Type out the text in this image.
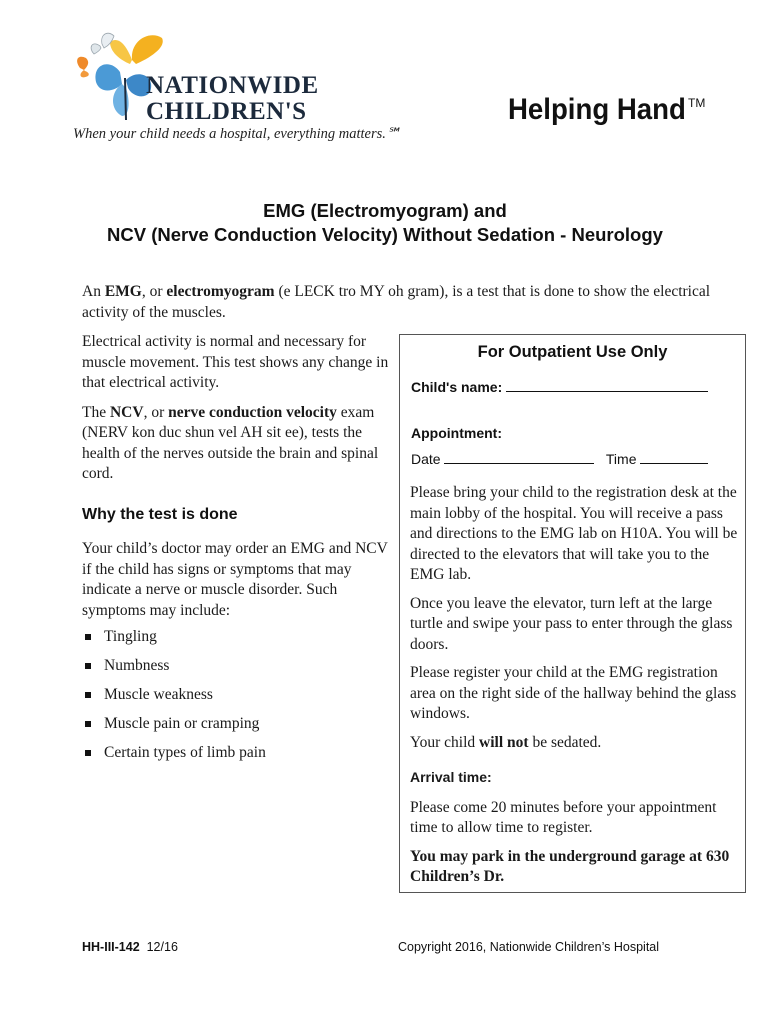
NATIONWIDE
CHILDREN'S
When your child needs a hospital, everything matters.℠
Helping Hand TM
EMG (Electromyogram) and
NCV (Nerve Conduction Velocity) Without Sedation - Neurology
An EMG, or electromyogram (e LECK tro MY oh gram), is a test that is done to show the electrical activity of the muscles.

Electrical activity is normal and necessary for muscle movement. This test shows any change in that electrical activity.

The NCV, or nerve conduction velocity exam (NERV kon duc shun vel AH sit ee), tests the health of the nerves outside the brain and spinal cord.

Why the test is done

Your child’s doctor may order an EMG and NCV if the child has signs or symptoms that may indicate a nerve or muscle disorder. Such symptoms may include:

Tingling
Numbness
Muscle weakness
Muscle pain or cramping
Certain types of limb pain
For Outpatient Use Only
Child's name:
Appointment:
Date	Time

Please bring your child to the registration desk at the main lobby of the hospital. You will receive a pass and directions to the EMG lab on H10A. You will be directed to the elevators that will take you to the EMG lab.

Once you leave the elevator, turn left at the large turtle and swipe your pass to enter through the glass doors.

Please register your child at the EMG registration area on the right side of the hallway behind the glass windows.

Your child will not be sedated.

Arrival time:

Please come 20 minutes before your appointment time to allow time to register.

You may park in the underground garage at 630 Children’s Dr.

HH-III-142 12/16	Copyright 2016, Nationwide Children’s Hospital
